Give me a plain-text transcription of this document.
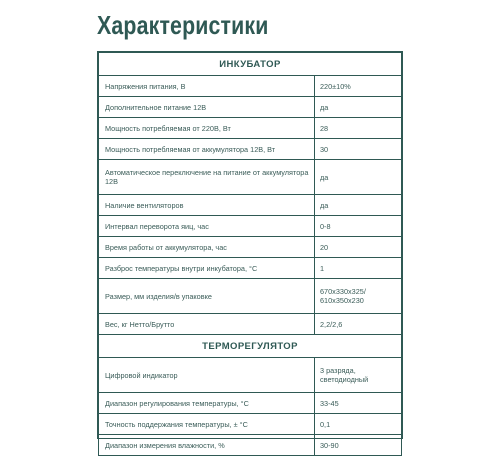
Характеристики
ИНКУБАТОР	
Напряжения питания, В	220±10%
Дополнительное питание 12В	да
Мощность потребляемая от 220В, Вт	28
Мощность потребляемая от аккумулятора 12В, Вт	30
Автоматическое переключение на питание от аккумулятора 12В	да
Наличие вентиляторов	да
Интервал переворота яиц, час	0-8
Время работы от аккумулятора, час	20
Разброс температуры внутри инкубатора, °С	1
Размер, мм изделия/в упаковке	670х330х325/ 610х350х230
Вес, кг Нетто/Брутто	2,2/2,6
ТЕРМОРЕГУЛЯТОР	
Цифровой индикатор	3 разряда, светодиодный
Диапазон регулирования температуры, °С	33-45
Точность поддержания температуры, ± °С	0,1
Диапазон измерения влажности, %	30-90
